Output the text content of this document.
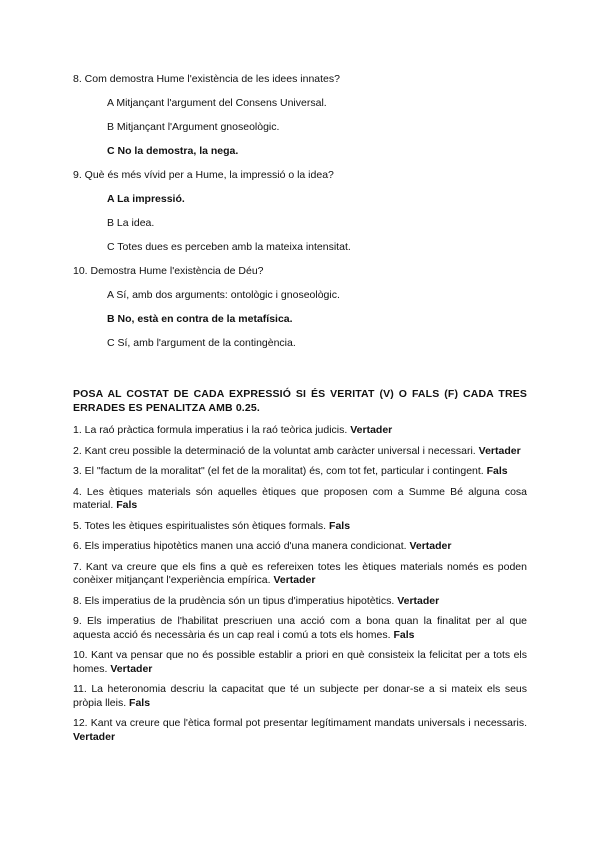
8. Com demostra Hume l'existència de les idees innates?

A Mitjançant l'argument del Consens Universal.

B Mitjançant l'Argument gnoseològic.

C No la demostra, la nega.

9. Què és més vívid per a Hume, la impressió o la idea?

A La impressió.

B La idea.

C Totes dues es perceben amb la mateixa intensitat.

10. Demostra Hume l'existència de Déu?

A Sí, amb dos arguments: ontològic i gnoseològic.

B No, està en contra de la metafísica.

C Sí, amb l'argument de la contingència.

POSA AL COSTAT DE CADA EXPRESSIÓ SI ÉS VERITAT (V) O FALS (F) CADA TRES ERRADES ES PENALITZA AMB 0.25.

1. La raó pràctica formula imperatius i la raó teòrica judicis. Vertader

2. Kant creu possible la determinació de la voluntat amb caràcter universal i necessari. Vertader

3. El "factum de la moralitat" (el fet de la moralitat) és, com tot fet, particular i contingent. Fals

4. Les ètiques materials són aquelles ètiques que proposen com a Summe Bé alguna cosa material. Fals

5. Totes les ètiques espiritualistes són ètiques formals. Fals

6. Els imperatius hipotètics manen una acció d'una manera condicionat. Vertader

7. Kant va creure que els fins a què es refereixen totes les ètiques materials només es poden conèixer mitjançant l'experiència empírica. Vertader

8. Els imperatius de la prudència són un tipus d'imperatius hipotètics. Vertader

9. Els imperatius de l'habilitat prescriuen una acció com a bona quan la finalitat per al que aquesta acció és necessària és un cap real i comú a tots els homes. Fals

10. Kant va pensar que no és possible establir a priori en què consisteix la felicitat per a tots els homes. Vertader

11. La heteronomia descriu la capacitat que té un subjecte per donar-se a si mateix els seus pròpia lleis. Fals

12. Kant va creure que l'ètica formal pot presentar legítimament mandats universals i necessaris. Vertader
